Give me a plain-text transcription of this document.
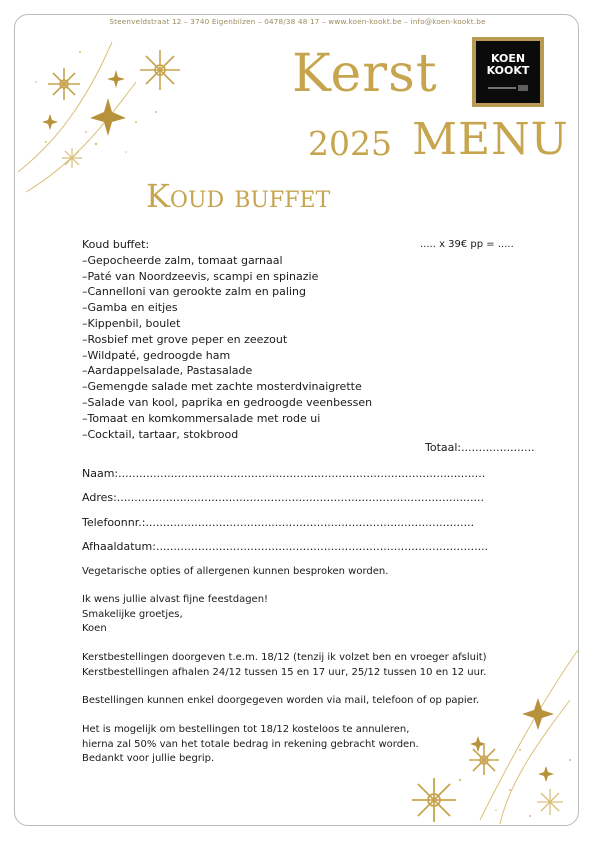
Steenveldstraat 12 – 3740 Eigenbilzen – 0478/38 48 17 – www.koen-kookt.be – info@koen-kookt.be
Kerst
2025 MENU
KOEN
KOOKT
Koud buffet
Koud buffet:
–Gepocheerde zalm, tomaat garnaal
–Paté van Noordzeevis, scampi en spinazie
–Cannelloni van gerookte zalm en paling
–Gamba en eitjes
–Kippenbil, boulet
–Rosbief met grove peper en zeezout
–Wildpaté, gedroogde ham
–Aardappelsalade, Pastasalade
–Gemengde salade met zachte mosterdvinaigrette
–Salade van kool, paprika en gedroogde veenbessen
–Tomaat en komkommersalade met rode ui
–Cocktail, tartaar, stokbrood
..... x 39€ pp = .....
Totaal:.....................
Naam:.........................................................................................................
Adres:.........................................................................................................
Telefoonnr.:..............................................................................................
Afhaaldatum:...............................................................................................
Vegetarische opties of allergenen kunnen besproken worden.
Ik wens jullie alvast fijne feestdagen!
Smakelijke groetjes,
Koen
Kerstbestellingen doorgeven t.e.m. 18/12 (tenzij ik volzet ben en vroeger afsluit)
Kerstbestellingen afhalen 24/12 tussen 15 en 17 uur, 25/12 tussen 10 en 12 uur.
Bestellingen kunnen enkel doorgegeven worden via mail, telefoon of op papier.
Het is mogelijk om bestellingen tot 18/12 kosteloos te annuleren,
hierna zal 50% van het totale bedrag in rekening gebracht worden.
Bedankt voor jullie begrip.
